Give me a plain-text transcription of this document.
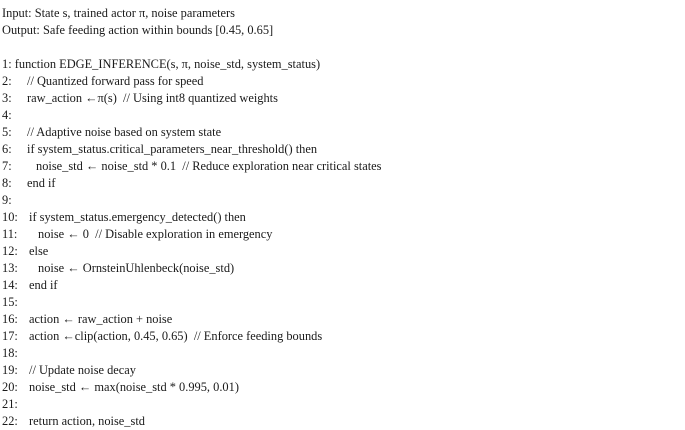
Input: State s, trained actor π, noise parameters
Output: Safe feeding action within bounds [0.45, 0.65]
1: function EDGE_INFERENCE(s, π, noise_std, system_status)
2: // Quantized forward pass for speed
3: raw_action ←π(s)  // Using int8 quantized weights
4:
5: // Adaptive noise based on system state
6: if system_status.critical_parameters_near_threshold() then
7: noise_std ← noise_std * 0.1  // Reduce exploration near critical states
8: end if
9:
10: if system_status.emergency_detected() then
11: noise ← 0  // Disable exploration in emergency
12: else
13: noise ← OrnsteinUhlenbeck(noise_std)
14: end if
15:
16: action ← raw_action + noise
17: action ←clip(action, 0.45, 0.65)  // Enforce feeding bounds
18:
19: // Update noise decay
20: noise_std ← max(noise_std * 0.995, 0.01)
21:
22: return action, noise_std
